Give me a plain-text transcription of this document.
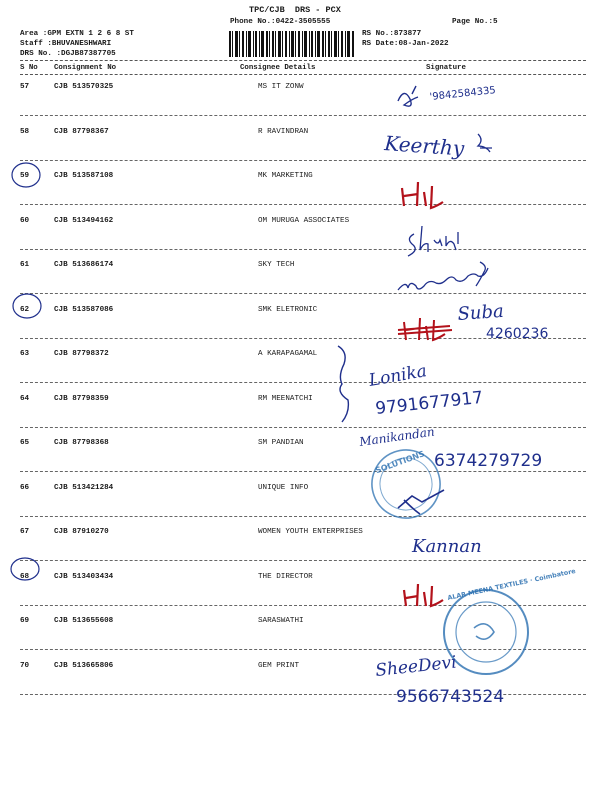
TPC/CJB  DRS - PCX
Phone No.:0422-3505555	Page No.:5
Area :GPM EXTN 1 2 6 8 ST
Staff :BHUVANESHWARI
DRS No. :DGJB87387705
RS No.:873877
RS Date:08-Jan-2022
S No Consignment No	Consignee Details	Signature
57	CJB 513570325	MS IT ZONW
58	CJB 87798367	R RAVINDRAN
59	CJB 513587108	MK MARKETING
60	CJB 513494162	OM MURUGA ASSOCIATES
61	CJB 513686174	SKY TECH
62	CJB 513587086	SMK ELETRONIC
63	CJB 87798372	A KARAPAGAMAL
64	CJB 87798359	RM MEENATCHI
65	CJB 87798368	SM PANDIAN
66	CJB 513421284	UNIQUE INFO
67	CJB 87910270	WOMEN YOUTH ENTERPRISES
68	CJB 513403434	THE DIRECTOR
69	CJB 513655608	SARASWATHI
70	CJB 513665806	GEM PRINT
'9842584335
Keerthy
Suba
4260236
Lonika
9791677917
Manikandan
6374279729
SOLUTIONS
Kannan
ALAR MEENA TEXTILES · Coimbatore
SheeDevi
9566743524
